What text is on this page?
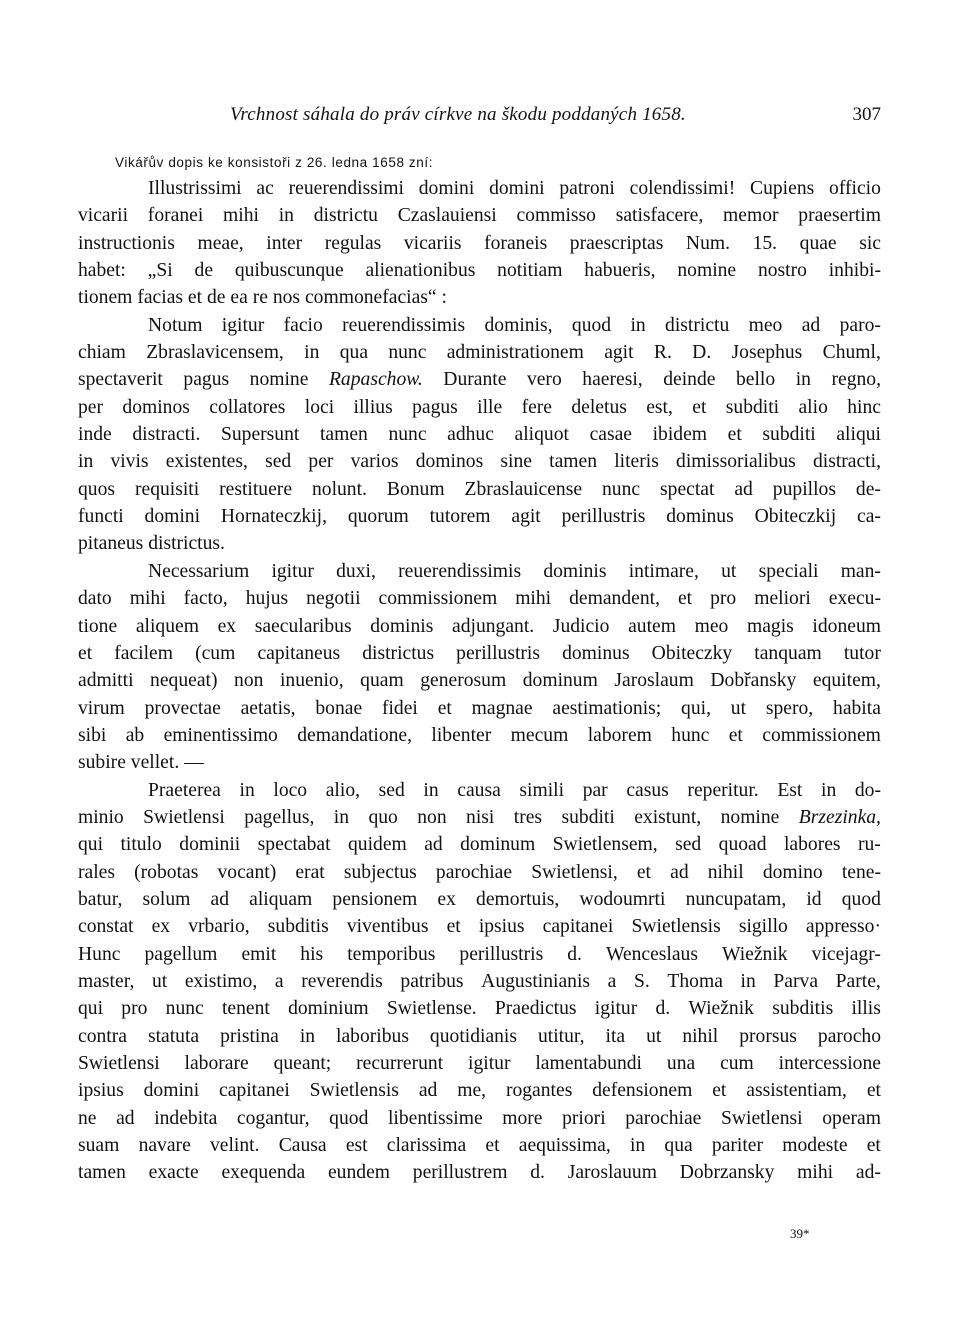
Vrchnost sáhala do práv církve na škodu poddaných 1658.	307
Vikářův dopis ke konsistoři z 26. ledna 1658 zní:
Illustrissimi ac reuerendissimi domini domini patroni colendissimi! Cupiens officio
vicarii foranei mihi in districtu Czaslauiensi commisso satisfacere, memor praesertim
instructionis meae, inter regulas vicariis foraneis praescriptas Num. 15. quae sic
habet: „Si de quibuscunque alienationibus notitiam habueris, nomine nostro inhibi-
tionem
facias
et
de
ea
re
nos
commonefacias“
:

Notum igitur facio reuerendissimis dominis, quod in districtu meo ad paro-
chiam Zbraslavicensem, in qua nunc administrationem agit R. D. Josephus Chuml,
spectaverit pagus nomine Rapaschow. Durante vero haeresi, deinde bello in regno,
per dominos collatores loci illius pagus ille fere deletus est, et subditi alio hinc
inde distracti. Supersunt tamen nunc adhuc aliquot casae ibidem et subditi aliqui
in vivis existentes, sed per varios dominos sine tamen literis dimissorialibus distracti,
quos requisiti restituere nolunt. Bonum Zbraslauicense nunc spectat ad pupillos de-
functi domini Hornateczkij, quorum tutorem agit perillustris dominus Obiteczkij ca-
pitaneus
districtus.

Necessarium igitur duxi, reuerendissimis dominis intimare, ut speciali man-
dato mihi facto, hujus negotii commissionem mihi demandent, et pro meliori execu-
tione aliquem ex saecularibus dominis adjungant. Judicio autem meo magis idoneum
et facilem (cum capitaneus districtus perillustris dominus Obiteczky tanquam tutor
admitti nequeat) non inuenio, quam generosum dominum Jaroslaum Dobřansky equitem,
virum provectae aetatis, bonae fidei et magnae aestimationis; qui, ut spero, habita
sibi ab eminentissimo demandatione, libenter mecum laborem hunc et commissionem
subire
vellet.
—

Praeterea in loco alio, sed in causa simili par casus reperitur. Est in do-
minio Swietlensi pagellus, in quo non nisi tres subditi existunt, nomine Brzezinka,
qui titulo dominii spectabat quidem ad dominum Swietlensem, sed quoad labores ru-
rales (robotas vocant) erat subjectus parochiae Swietlensi, et ad nihil domino tene-
batur, solum ad aliquam pensionem ex demortuis, wodoumrti nuncupatam, id quod
constat ex vrbario, subditis viventibus et ipsius capitanei Swietlensis sigillo appresso·
Hunc pagellum emit his temporibus perillustris d. Wenceslaus Wiežnik vicejagr-
master, ut existimo, a reverendis patribus Augustinianis a S. Thoma in Parva Parte,
qui pro nunc tenent dominium Swietlense. Praedictus igitur d. Wiežnik subditis illis
contra statuta pristina in laboribus quotidianis utitur, ita ut nihil prorsus parocho
Swietlensi laborare queant; recurrerunt igitur lamentabundi una cum intercessione
ipsius domini capitanei Swietlensis ad me, rogantes defensionem et assistentiam, et
ne ad indebita cogantur, quod libentissime more priori parochiae Swietlensi operam
suam navare velint. Causa est clarissima et aequissima, in qua pariter modeste et
tamen exacte exequenda eundem perillustrem d. Jaroslauum Dobrzansky mihi ad-
39*
